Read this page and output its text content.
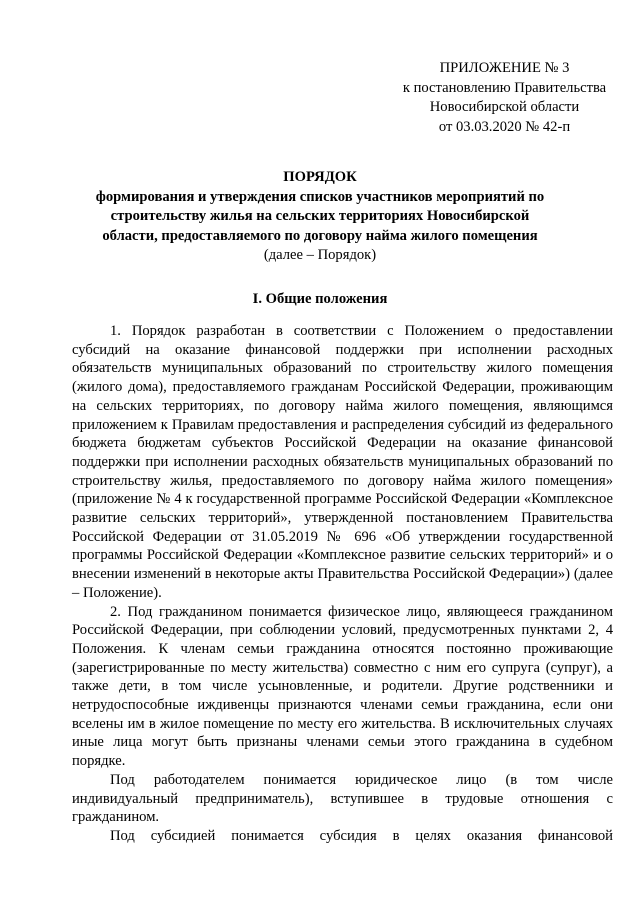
ПРИЛОЖЕНИЕ № 3
к постановлению Правительства
Новосибирской области
от 03.03.2020 № 42-п
ПОРЯДОК
формирования и утверждения списков участников мероприятий по строительству жилья на сельских территориях Новосибирской области, предоставляемого по договору найма жилого помещения
(далее – Порядок)
I. Общие положения

1. Порядок разработан в соответствии с Положением о предоставлении субсидий на оказание финансовой поддержки при исполнении расходных обязательств муниципальных образований по строительству жилого помещения (жилого дома), предоставляемого гражданам Российской Федерации, проживающим на сельских территориях, по договору найма жилого помещения, являющимся приложением к Правилам предоставления и распределения субсидий из федерального бюджета бюджетам субъектов Российской Федерации на оказание финансовой поддержки при исполнении расходных обязательств муниципальных образований по строительству жилья, предоставляемого по договору найма жилого помещения» (приложение № 4 к государственной программе Российской Федерации «Комплексное развитие сельских территорий», утвержденной постановлением Правительства Российской Федерации от 31.05.2019 № 696 «Об утверждении государственной программы Российской Федерации «Комплексное развитие сельских территорий» и о внесении изменений в некоторые акты Правительства Российской Федерации») (далее – Положение).

2. Под гражданином понимается физическое лицо, являющееся гражданином Российской Федерации, при соблюдении условий, предусмотренных пунктами 2, 4 Положения. К членам семьи гражданина относятся постоянно проживающие (зарегистрированные по месту жительства) совместно с ним его супруга (супруг), а также дети, в том числе усыновленные, и родители. Другие родственники и нетрудоспособные иждивенцы признаются членами семьи гражданина, если они вселены им в жилое помещение по месту его жительства. В исключительных случаях иные лица могут быть признаны членами семьи этого гражданина в судебном порядке.

Под работодателем понимается юридическое лицо (в том числе индивидуальный предприниматель), вступившее в трудовые отношения с гражданином.

Под субсидией понимается субсидия в целях оказания финансовой
